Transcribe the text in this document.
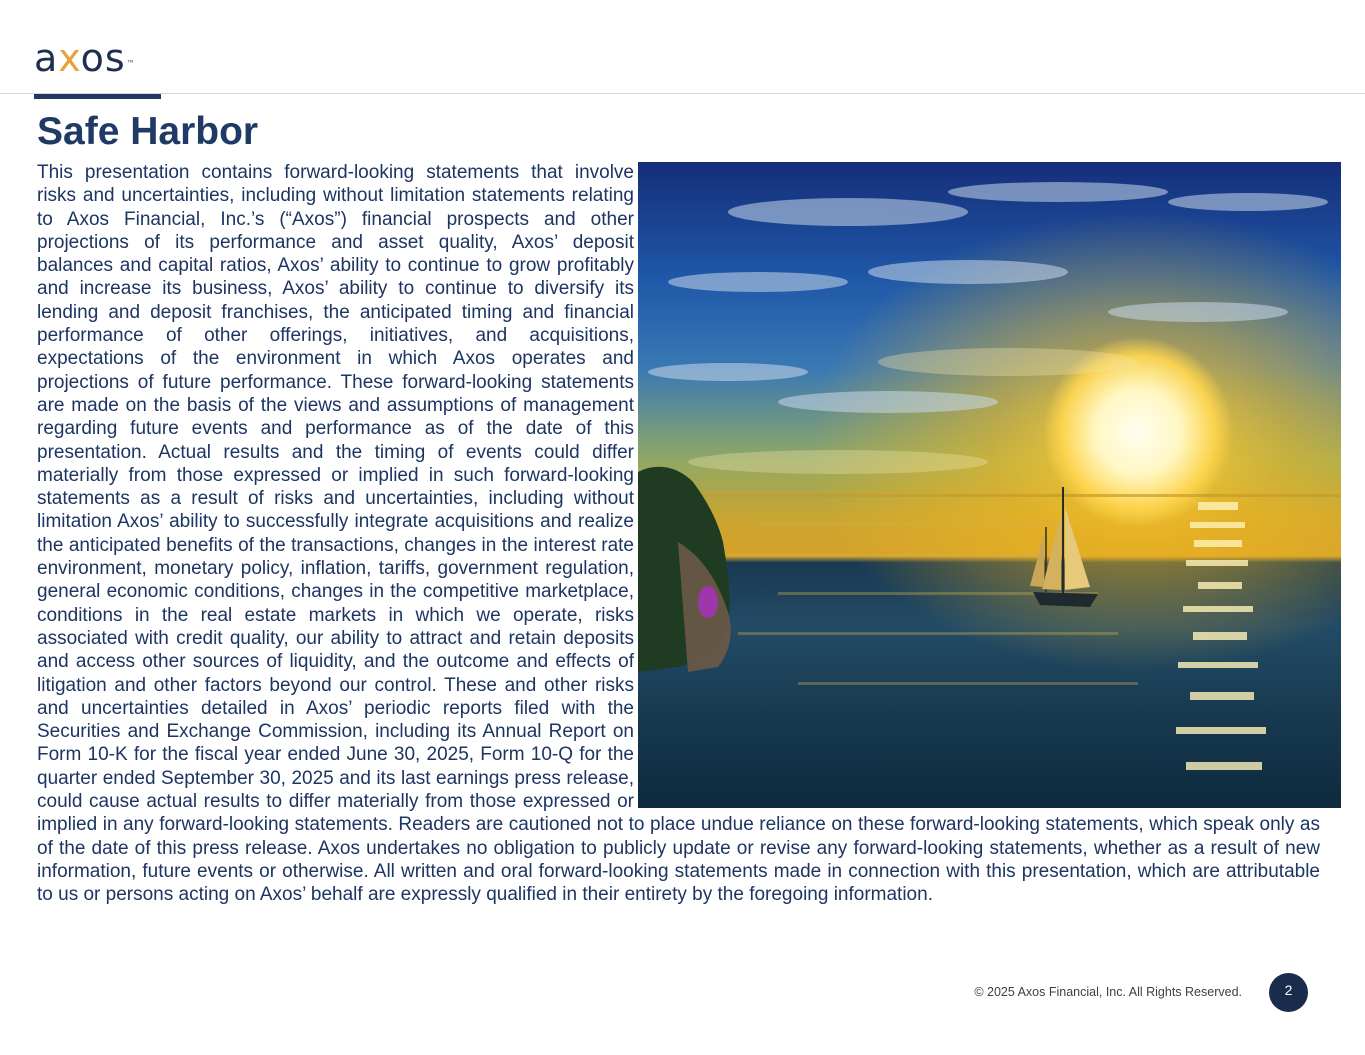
axos™
Safe Harbor
This presentation contains forward-looking statements that involve risks and uncertainties, including without limitation statements relating to Axos Financial, Inc.’s (“Axos”) financial prospects and other projections of its performance and asset quality, Axos’ deposit balances and capital ratios, Axos’ ability to continue to grow profitably and increase its business, Axos’ ability to continue to diversify its lending and deposit franchises, the anticipated timing and financial performance of other offerings, initiatives, and acquisitions, expectations of the environment in which Axos operates and projections of future performance. These forward-looking statements are made on the basis of the views and assumptions of management regarding future events and performance as of the date of this presentation. Actual results and the timing of events could differ materially from those expressed or implied in such forward-looking statements as a result of risks and uncertainties, including without limitation Axos’ ability to successfully integrate acquisitions and realize the anticipated benefits of the transactions, changes in the interest rate environment, monetary policy, inflation, tariffs, government regulation, general economic conditions, changes in the competitive marketplace, conditions in the real estate markets in which we operate, risks associated with credit quality, our ability to attract and retain deposits and access other sources of liquidity, and the outcome and effects of litigation and other factors beyond our control. These and other risks and uncertainties detailed in Axos’ periodic reports filed with the Securities and Exchange Commission, including its Annual Report on Form 10-K for the fiscal year ended June 30, 2025, Form 10-Q for the quarter ended September 30, 2025 and its last earnings press release, could cause actual results to differ materially from those expressed or implied in any forward-looking statements. Readers are cautioned not to place undue reliance on these forward-looking statements, which speak only as of the date of this press release. Axos undertakes no obligation to publicly update or revise any forward-looking statements, whether as a result of new information, future events or otherwise. All written and oral forward-looking statements made in connection with this presentation, which are attributable to us or persons acting on Axos’ behalf are expressly qualified in their entirety by the foregoing information.
© 2025 Axos Financial, Inc. All Rights Reserved.	2
